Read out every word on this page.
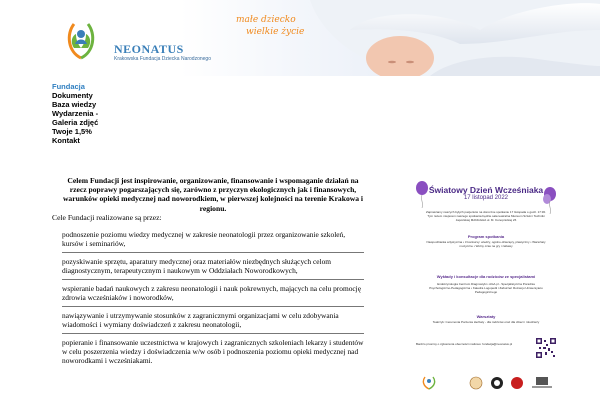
NEONATUS
Krakowska Fundacja Dziecka Narodzonego
małe dziecko
wielkie życie
Fundacja
Dokumenty
Baza wiedzy
Wydarzenia -
Galeria zdjęć
Twoje 1,5%
Kontakt
Celem Fundacji jest inspirowanie, organizowanie, finansowanie i wspomaganie działań na rzecz poprawy pogarszających się, zarówno z przyczyn ekologicznych jak i finansowych, warunków opieki medycznej nad noworodkiem, w pierwszej kolejności na terenie Krakowa i regionu.
Cele Fundacji realizowane są przez:
podnoszenie poziomu wiedzy medycznej w zakresie neonatologii przez organizowanie szkoleń, kursów i seminariów,
pozyskiwanie sprzętu, aparatury medycznej oraz materiałów niezbędnych służących celom diagnostycznym, terapeutycznym i naukowym w Oddziałach Noworodkowych,
wspieranie badań naukowych z zakresu neonatologii i nauk pokrewnych, mających na celu promocję zdrowia wcześniaków i noworodków,
nawiązywanie i utrzymywanie stosunków z zagranicznymi organizacjami w celu zdobywania wiadomości i wymiany doświadczeń z zakresu neonatologii,
popieranie i finansowanie uczestnictwa w krajowych i zagranicznych szkoleniach lekarzy i studentów w celu poszerzenia wiedzy i doświadczenia w/w osób i podnoszenia poziomu opieki medycznej nad noworodkami i wcześniakami.
Światowy Dzień Wcześniaka
17 listopad 2022
Zapraszamy naszych byłych pacjentów na doroczne spotkanie 17 listopada o godz. 17:30. Tym razem miejscem naszego spotkania będzie sala teatralna Muzeum Sztuki i Techniki Japońskiej MANGGHA ul. M. Konopnickiej 26
Program spotkania
Niespodzianka artystyczna • 3 konkursy: wiedzy, ogólno-dziecięcy, plastyczny • Warsztaty muzyczne • Wolny czas na gry i zabawy
Wykłady i konsultacje dla rodziców ze specjalistami
Endokrynologia Centrum Diagnostyki • AGA.pl - Specjalistyczna Poradnia Psychologiczno-Pedagogiczna • Katedra Logopedii i Zaburzeń Rozwoju Uniwersytetu Pedagogicznego
Warsztaty
Teatrzyk: Ceremonia Parzenia Herbaty - dla rodziców oraz dla dzieci i młodzieży
Bardzo prosimy o zgłoszenia obecności mailowo: fundacja@neonatus.pl
